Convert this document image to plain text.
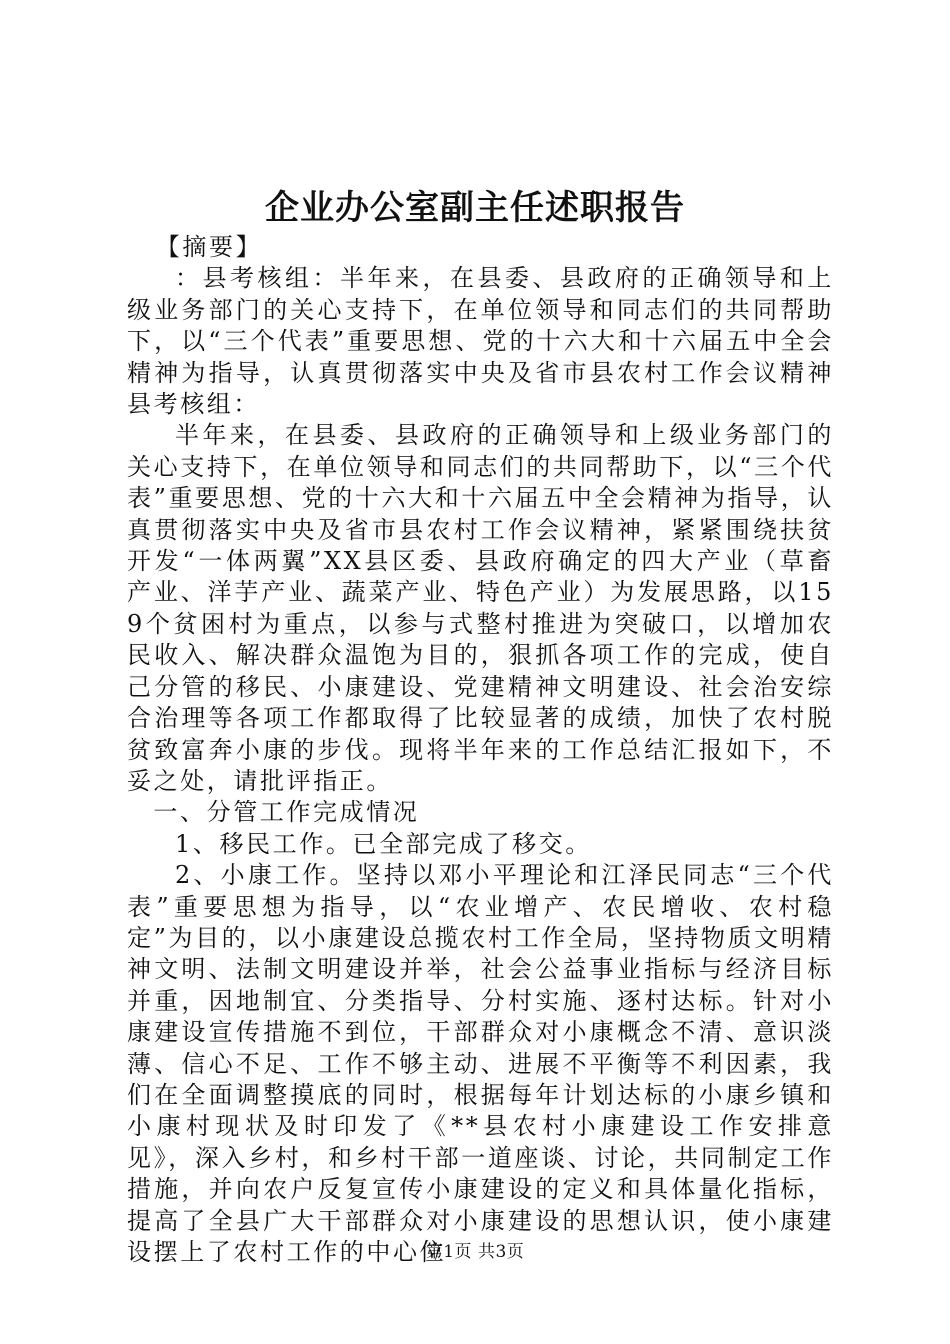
企业办公室副主任述职报告

【摘要】

：县考核组：半年来，在县委、县政府的正确领导和上级业务部门的关心支持下，在单位领导和同志们的共同帮助下，以“三个代表”重要思想、党的十六大和十六届五中全会精神为指导，认真贯彻落实中央及省市县农村工作会议精神县考核组：

半年来，在县委、县政府的正确领导和上级业务部门的关心支持下，在单位领导和同志们的共同帮助下，以“三个代表”重要思想、党的十六大和十六届五中全会精神为指导，认真贯彻落实中央及省市县农村工作会议精神，紧紧围绕扶贫开发“一体两翼”XX县区委、县政府确定的四大产业（草畜产业、洋芋产业、蔬菜产业、特色产业）为发展思路，以159个贫困村为重点，以参与式整村推进为突破口，以增加农民收入、解决群众温饱为目的，狠抓各项工作的完成，使自己分管的移民、小康建设、党建精神文明建设、社会治安综合治理等各项工作都取得了比较显著的成绩，加快了农村脱贫致富奔小康的步伐。现将半年来的工作总结汇报如下，不妥之处，请批评指正。

一、分管工作完成情况

1、移民工作。已全部完成了移交。

2、小康工作。坚持以邓小平理论和江泽民同志“三个代表”重要思想为指导，以“农业增产、农民增收、农村稳定”为目的，以小康建设总揽农村工作全局，坚持物质文明精神文明、法制文明建设并举，社会公益事业指标与经济目标并重，因地制宜、分类指导、分村实施、逐村达标。针对小康建设宣传措施不到位，干部群众对小康概念不清、意识淡薄、信心不足、工作不够主动、进展不平衡等不利因素，我们在全面调整摸底的同时，根据每年计划达标的小康乡镇和小康村现状及时印发了《**县农村小康建设工作安排意见》，深入乡村，和乡村干部一道座谈、讨论，共同制定工作措施，并向农户反复宣传小康建设的定义和具体量化指标，提高了全县广大干部群众对小康建设的思想认识，使小康建设摆上了农村工作的中心位

第1页 共3页
